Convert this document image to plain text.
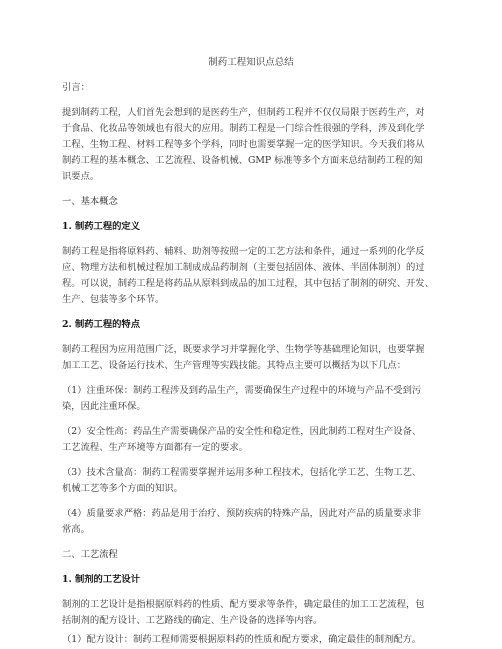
制药工程知识点总结
引言：
提到制药工程，人们首先会想到的是医药生产，但制药工程并不仅仅局限于医药生产，对
于食品、化妆品等领域也有很大的应用。制药工程是一门综合性很强的学科，涉及到化学
工程、生物工程、材料工程等多个学科，同时也需要掌握一定的医学知识。今天我们将从
制药工程的基本概念、工艺流程、设备机械、GMP 标准等多个方面来总结制药工程的知
识要点。
一、基本概念
1. 制药工程的定义
制药工程是指将原料药、辅料、助剂等按照一定的工艺方法和条件，通过一系列的化学反
应、物理方法和机械过程加工制成成品药制剂（主要包括固体、液体、半固体制剂）的过
程。可以说，制药工程是将药品从原料到成品的加工过程，其中包括了制剂的研究、开发、
生产、包装等多个环节。
2. 制药工程的特点
制药工程因为应用范围广泛，既要求学习并掌握化学、生物学等基础理论知识，也要掌握
加工工艺、设备运行技术、生产管理等实践技能。其特点主要可以概括为以下几点：
（1）注重环保：制药工程涉及到药品生产，需要确保生产过程中的环境与产品不受到污
染，因此注重环保。
（2）安全性高：药品生产需要确保产品的安全性和稳定性，因此制药工程对生产设备、
工艺流程、生产环境等方面都有一定的要求。
（3）技术含量高：制药工程需要掌握并运用多种工程技术，包括化学工艺、生物工艺、
机械工艺等多个方面的知识。
（4）质量要求严格：药品是用于治疗、预防疾病的特殊产品，因此对产品的质量要求非
常高。
二、工艺流程
1. 制剂的工艺设计
制剂的工艺设计是指根据原料药的性质、配方要求等条件，确定最佳的加工工艺流程，包
括制剂的配方设计、工艺路线的确定、生产设备的选择等内容。
（1）配方设计：制药工程师需要根据原料药的性质和配方要求，确定最佳的制剂配方。
